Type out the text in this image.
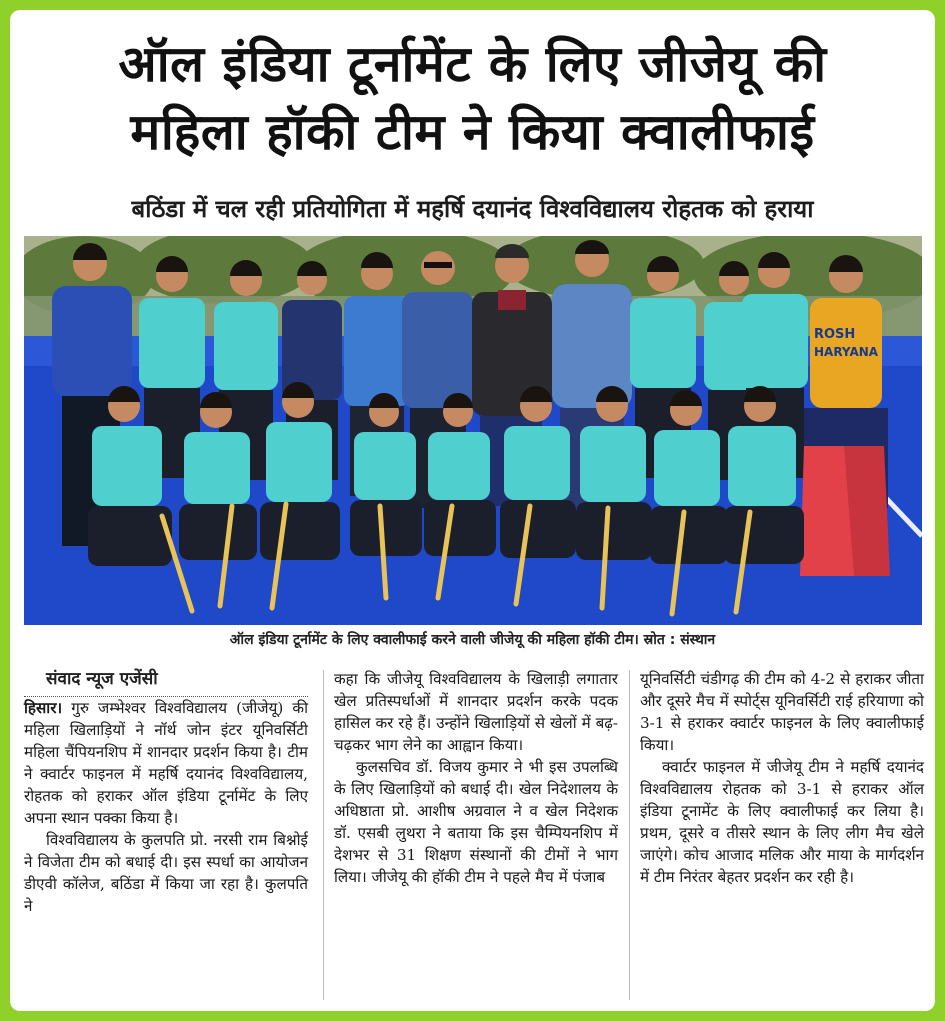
ऑल इंडिया टूर्नामेंट के लिए जीजेयू की
महिला हॉकी टीम ने किया क्वालीफाई
बठिंडा में चल रही प्रतियोगिता में महर्षि दयानंद विश्वविद्यालय रोहतक को हराया
ROSH
HARYANA
ऑल इंडिया टूर्नामेंट के लिए क्वालीफाई करने वाली जीजेयू की महिला हॉकी टीम। स्रोत : संस्थान

संवाद न्यूज एजेंसी

हिसार। गुरु जम्भेश्वर विश्वविद्यालय (जीजेयू) की महिला खिलाड़ियों ने नॉर्थ जोन इंटर यूनिवर्सिटी महिला चैंपियनशिप में शानदार प्रदर्शन किया है। टीम ने क्वार्टर फाइनल में महर्षि दयानंद विश्वविद्यालय, रोहतक को हराकर ऑल इंडिया टूर्नामेंट के लिए अपना स्थान पक्का किया है।

विश्वविद्यालय के कुलपति प्रो. नरसी राम बिश्नोई ने विजेता टीम को बधाई दी। इस स्पर्धा का आयोजन डीएवी कॉलेज, बठिंडा में किया जा रहा है। कुलपति ने

कहा कि जीजेयू विश्वविद्यालय के खिलाड़ी लगातार खेल प्रतिस्पर्धाओं में शानदार प्रदर्शन करके पदक हासिल कर रहे हैं। उन्होंने खिलाड़ियों से खेलों में बढ़-चढ़कर भाग लेने का आह्वान किया।

कुलसचिव डॉ. विजय कुमार ने भी इस उपलब्धि के लिए खिलाड़ियों को बधाई दी। खेल निदेशालय के अधिष्ठाता प्रो. आशीष अग्रवाल ने व खेल निदेशक डॉ. एसबी लुथरा ने बताया कि इस चैम्पियनशिप में देशभर से 31 शिक्षण संस्थानों की टीमों ने भाग लिया। जीजेयू की हॉकी टीम ने पहले मैच में पंजाब

यूनिवर्सिटी चंडीगढ़ की टीम को 4-2 से हराकर जीता और दूसरे मैच में स्पोर्ट्स यूनिवर्सिटी राई हरियाणा को 3-1 से हराकर क्वार्टर फाइनल के लिए क्वालीफाई किया।

क्वार्टर फाइनल में जीजेयू टीम ने महर्षि दयानंद विश्वविद्यालय रोहतक को 3-1 से हराकर ऑल इंडिया टूनामेंट के लिए क्वालीफाई कर लिया है। प्रथम, दूसरे व तीसरे स्थान के लिए लीग मैच खेले जाएंगे। कोच आजाद मलिक और माया के मार्गदर्शन में टीम निरंतर बेहतर प्रदर्शन कर रही है।
